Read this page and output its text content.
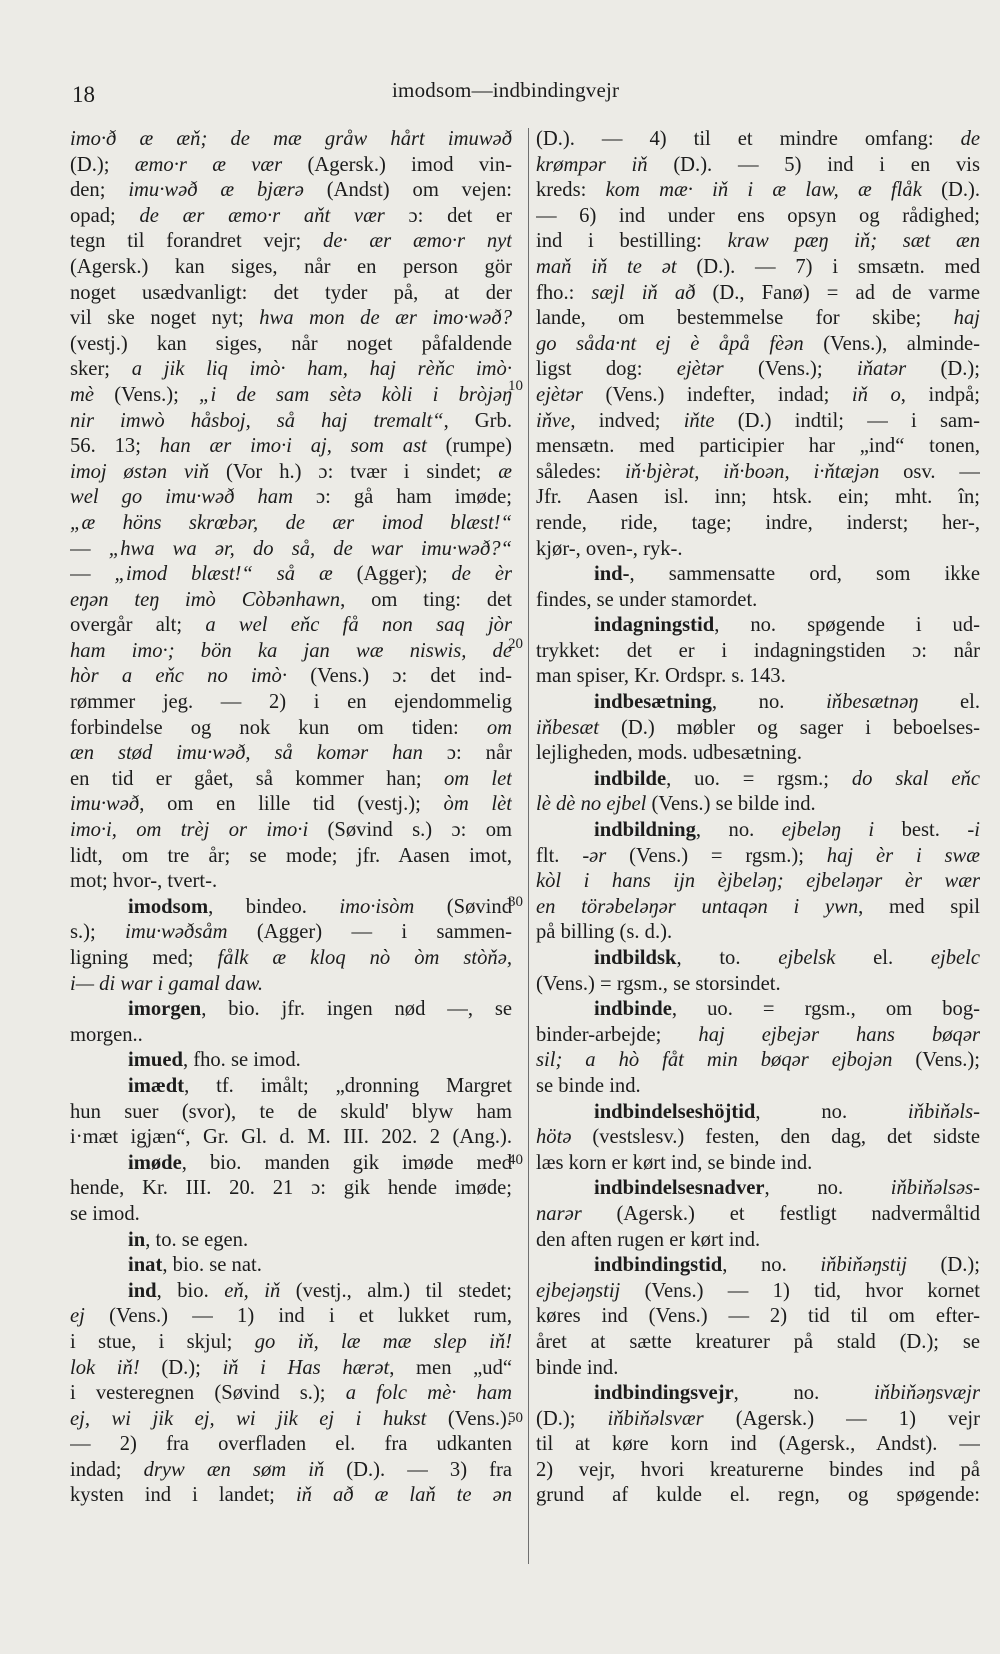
18	imodsom—indbindingvejr
imo·ð æ æň; de mæ gråw hårt imuwəð
(D.); æmo·r æ vær (Agersk.) imod vin-
den; imu·wəð æ bjærə (Andst) om vejen:
opad; de ær æmo·r aňt vær ɔ: det er
tegn til forandret vejr; de· ær æmo·r nyt
(Agersk.) kan siges, når en person gör
noget usædvanligt: det tyder på, at der
vil ske noget nyt; hwa mon de ær imo·wəð?
(vestj.) kan siges, når noget påfaldende
sker; a jik liq imò· ham, haj rèňc imò·
mè (Vens.); „i de sam sètə kòli i bròjəŋ
nir imwò håsboj, så haj tremalt“, Grb.
56. 13; han ær imo·i aj, som ast (rumpe)
imoj østən viň (Vor h.) ɔ: tvær i sindet; æ
wel go imu·wəð ham ɔ: gå ham imøde;
„æ höns skrœbər, de ær imod blæst!“
— „hwa wa ər, do så, de war imu·wəð?“
— „imod blæst!“ så æ (Agger); de èr
eŋən teŋ imò Còbənhawn, om ting: det
overgår alt; a wel eňc få non saq jòr
ham imo·; bön ka jan wæ niswis, de
hòr a eňc no imò· (Vens.) ɔ: det ind-
rømmer jeg. — 2) i en ejendommelig
forbindelse og nok kun om tiden: om
æn stød imu·wəð, så komər han ɔ: når
en tid er gået, så kommer han; om let
imu·wəð, om en lille tid (vestj.); òm lèt
imo·i, om trèj or imo·i (Søvind s.) ɔ: om
lidt, om tre år; se mode; jfr. Aasen imot,
mot; hvor-, tvert-.
imodsom, bindeo. imo·isòm (Søvind
s.); imu·wəðsåm (Agger) — i sammen-
ligning med; fålk æ kloq nò òm stòňə,
i— di war i gamal daw.
imorgen, bio. jfr. ingen nød —, se
morgen..
imued, fho. se imod.
imædt, tf. imålt; „dronning Margret
hun suer (svor), te de skuld' blyw ham
i·mæt igjæn“, Gr. Gl. d. M. III. 202. 2 (Ang.).
imøde, bio. manden gik imøde med
hende, Kr. III. 20. 21 ɔ: gik hende imøde;
se imod.
in, to. se egen.
inat, bio. se nat.
ind, bio. eň, iň (vestj., alm.) til stedet;
ej (Vens.) — 1) ind i et lukket rum,
i stue, i skjul; go iň, læ mæ slep iň!
lok iň! (D.); iň i Has hærət, men „ud“
i vesteregnen (Søvind s.); a folc mè· ham
ej, wi jik ej, wi jik ej i hukst (Vens.).
— 2) fra overfladen el. fra udkanten
indad; dryw æn søm iň (D.). — 3) fra
kysten ind i landet; iň að æ laň te ən
(D.). — 4) til et mindre omfang: de
krømpər iň (D.). — 5) ind i en vis
kreds: kom mæ· iň i æ law, æ flåk (D.).
— 6) ind under ens opsyn og rådighed;
ind i bestilling: kraw pæŋ iň; sæt æn
maň iň te ət (D.). — 7) i smsætn. med
fho.: sæjl iň að (D., Fanø) = ad de varme
lande, om bestemmelse for skibe; haj
go såda·nt ej è åpå fèən (Vens.), alminde-
ligst dog: ejètər (Vens.); iňatər (D.);
ejètər (Vens.) indefter, indad; iň o, indpå;
iňve, indved; iňte (D.) indtil; — i sam-
mensætn. med participier har „ind“ tonen,
således: iň·bjèrət, iň·boən, i·ňtæjən osv. —
Jfr. Aasen isl. inn; htsk. ein; mht. în;
rende, ride, tage; indre, inderst; her-,
kjør-, oven-, ryk-.
ind-, sammensatte ord, som ikke
findes, se under stamordet.
indagningstid, no. spøgende i ud-
trykket: det er i indagningstiden ɔ: når
man spiser, Kr. Ordspr. s. 143.
indbesætning, no. iňbesætnəŋ el.
iňbesæt (D.) møbler og sager i beboelses-
lejligheden, mods. udbesætning.
indbilde, uo. = rgsm.; do skal eňc
lè dè no ejbel (Vens.) se bilde ind.
indbildning, no. ejbeləŋ i best. -i
flt. -ər (Vens.) = rgsm.); haj èr i swæ
kòl i hans ijn èjbeləŋ; ejbeləŋər èr wær
en törəbeləŋər untaqən i ywn, med spil
på billing (s. d.).
indbildsk, to. ejbelsk el. ejbelc
(Vens.) = rgsm., se storsindet.
indbinde, uo. = rgsm., om bog-
binder-arbejde; haj ejbejər hans bøqər
sil; a hò fåt min bøqər ejbojən (Vens.);
se binde ind.
indbindelseshöjtid, no. iňbiňəls-
hötə (vestslesv.) festen, den dag, det sidste
læs korn er kørt ind, se binde ind.
indbindelsesnadver, no. iňbiňəlsəs-
narər (Agersk.) et festligt nadvermåltid
den aften rugen er kørt ind.
indbindingstid, no. iňbiňəŋstij (D.);
ejbejəŋstij (Vens.) — 1) tid, hvor kornet
køres ind (Vens.) — 2) tid til om efter-
året at sætte kreaturer på stald (D.); se
binde ind.
indbindingsvejr, no. iňbiňəŋsvæjr
(D.); iňbiňəlsvær (Agersk.) — 1) vejr
til at køre korn ind (Agersk., Andst). —
2) vejr, hvori kreaturerne bindes ind på
grund af kulde el. regn, og spøgende:
10
20
30
40
50
